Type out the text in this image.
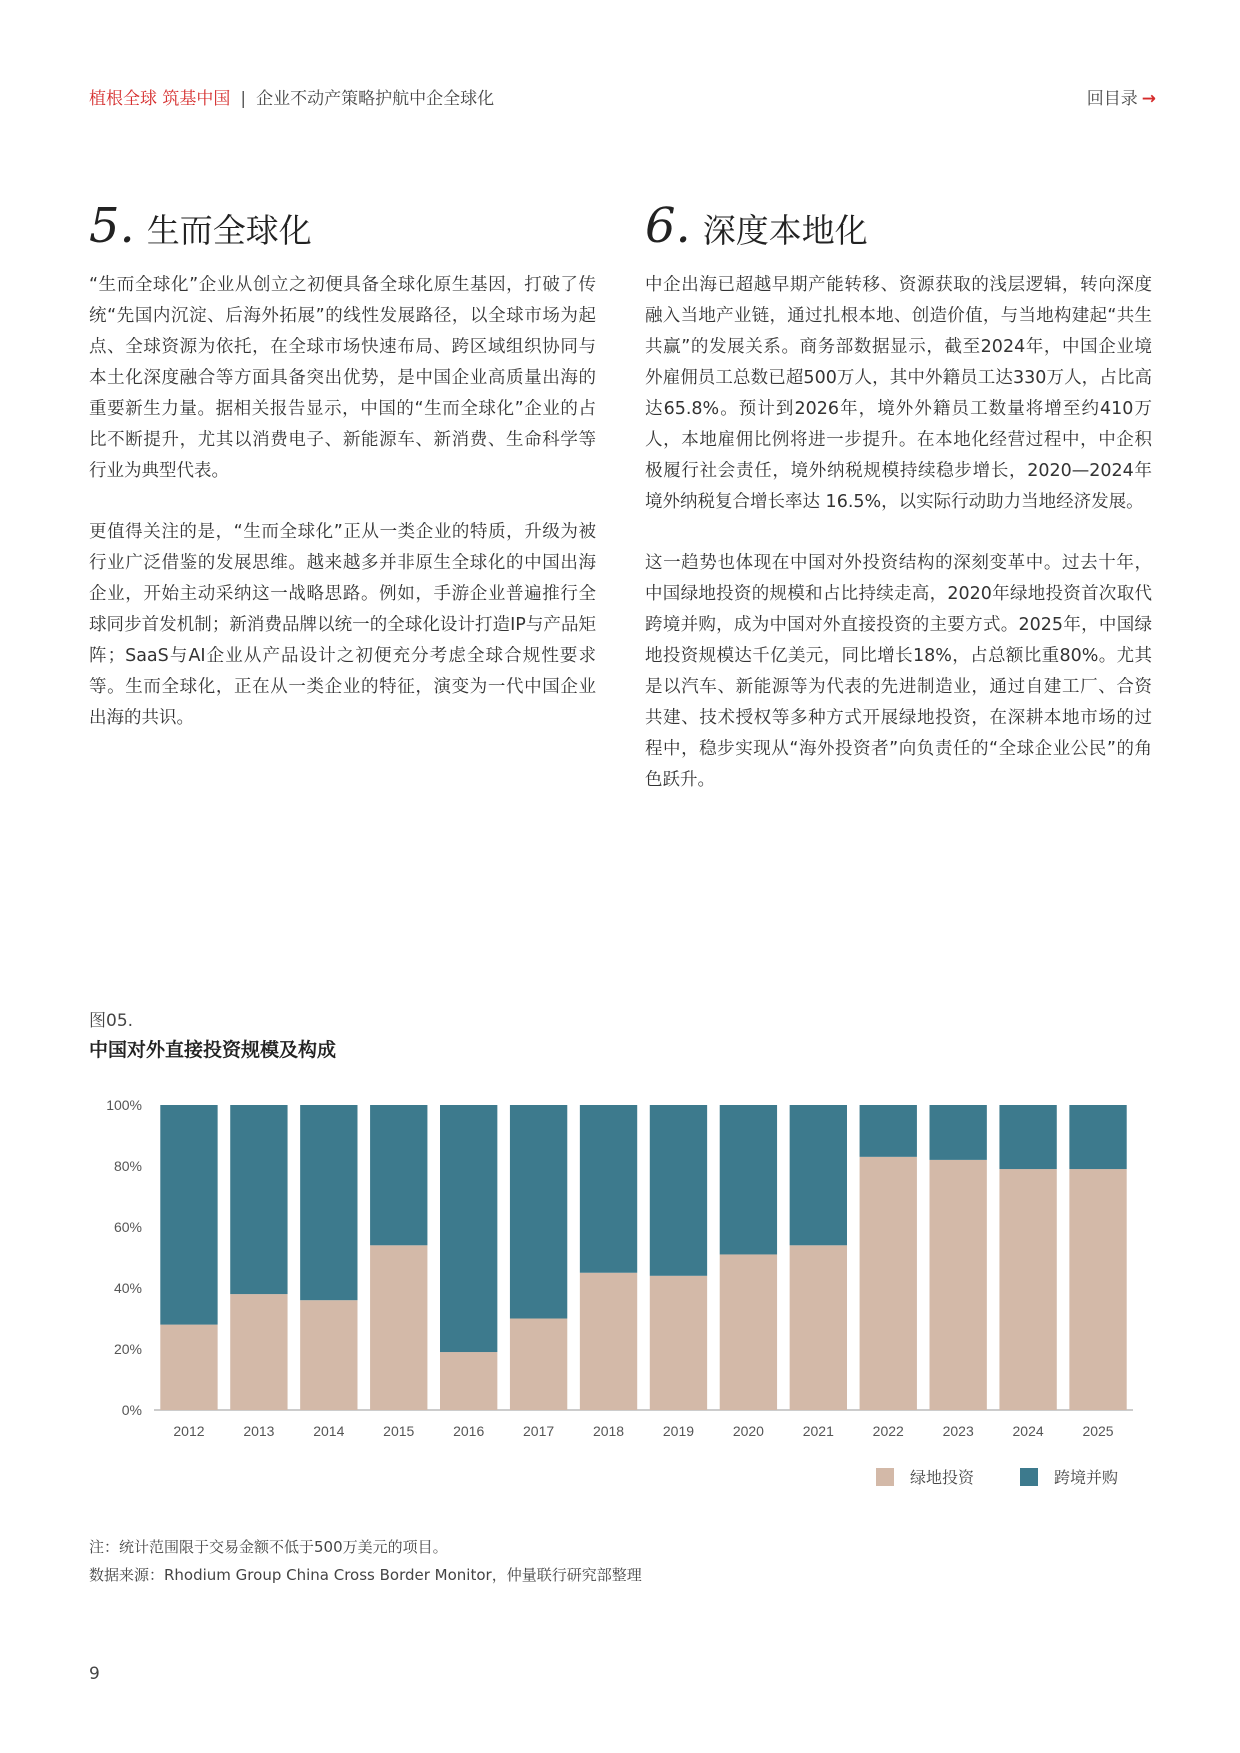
植根全球 筑基中国 | 企业不动产策略护航中企全球化	回目录 →
5. 生而全球化

“生而全球化”企业从创立之初便具备全球化原生基因，打破了传统“先国内沉淀、后海外拓展”的线性发展路径，以全球市场为起点、全球资源为依托，在全球市场快速布局、跨区域组织协同与本土化深度融合等方面具备突出优势，是中国企业高质量出海的重要新生力量。据相关报告显示，中国的“生而全球化”企业的占比不断提升，尤其以消费电子、新能源车、新消费、生命科学等行业为典型代表。

更值得关注的是，“生而全球化”正从一类企业的特质，升级为被行业广泛借鉴的发展思维。越来越多并非原生全球化的中国出海企业，开始主动采纳这一战略思路。例如，手游企业普遍推行全球同步首发机制；新消费品牌以统一的全球化设计打造IP与产品矩阵；SaaS与AI企业从产品设计之初便充分考虑全球合规性要求等。生而全球化，正在从一类企业的特征，演变为一代中国企业出海的共识。

6. 深度本地化

中企出海已超越早期产能转移、资源获取的浅层逻辑，转向深度融入当地产业链，通过扎根本地、创造价值，与当地构建起“共生共赢”的发展关系。商务部数据显示，截至2024年，中国企业境外雇佣员工总数已超500万人，其中外籍员工达330万人，占比高达65.8%。预计到2026年，境外外籍员工数量将增至约410万人，本地雇佣比例将进一步提升。在本地化经营过程中，中企积极履行社会责任，境外纳税规模持续稳步增长，2020—2024年境外纳税复合增长率达 16.5%，以实际行动助力当地经济发展。

这一趋势也体现在中国对外投资结构的深刻变革中。过去十年，中国绿地投资的规模和占比持续走高，2020年绿地投资首次取代跨境并购，成为中国对外直接投资的主要方式。2025年，中国绿地投资规模达千亿美元，同比增长18%，占总额比重80%。尤其是以汽车、新能源等为代表的先进制造业，通过自建工厂、合资共建、技术授权等多种方式开展绿地投资，在深耕本地市场的过程中，稳步实现从“海外投资者”向负责任的“全球企业公民”的角色跃升。

图05.
中国对外直接投资规模及构成
0%
20%
40%
60%
80%
100%
2012	2013	2014	2015	2016	2017	2018	2019	2020	2021	2022	2023	2024	2025
绿地投资	跨境并购
注：统计范围限于交易金额不低于500万美元的项目。
数据来源：Rhodium Group China Cross Border Monitor，仲量联行研究部整理
9
